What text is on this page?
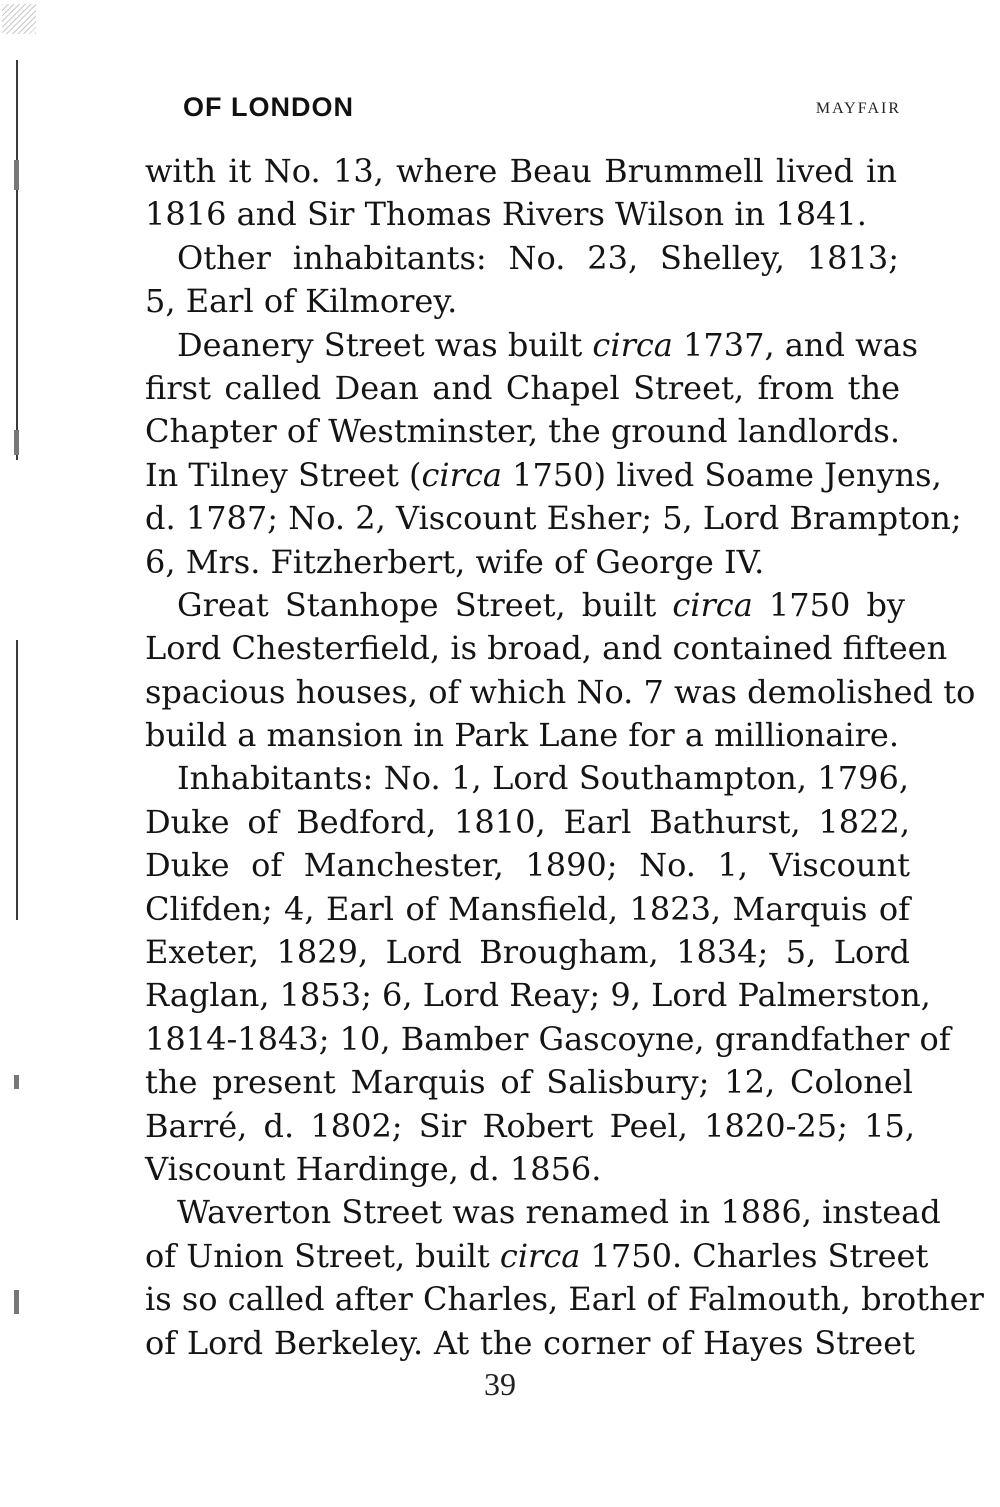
OF LONDON	MAYFAIR
with it No. 13, where Beau Brummell lived in
1816 and Sir Thomas Rivers Wilson in 1841.
Other inhabitants: No. 23, Shelley, 1813;
5, Earl of Kilmorey.
Deanery Street was built circa 1737, and was
first called Dean and Chapel Street, from the
Chapter of Westminster, the ground landlords.
In Tilney Street (circa 1750) lived Soame Jenyns,
d. 1787; No. 2, Viscount Esher; 5, Lord Brampton;
6, Mrs. Fitzherbert, wife of George IV.
Great Stanhope Street, built circa 1750 by
Lord Chesterfield, is broad, and contained fifteen
spacious houses, of which No. 7 was demolished to
build a mansion in Park Lane for a millionaire.
Inhabitants: No. 1, Lord Southampton, 1796,
Duke of Bedford, 1810, Earl Bathurst, 1822,
Duke of Manchester, 1890; No. 1, Viscount
Clifden; 4, Earl of Mansfield, 1823, Marquis of
Exeter, 1829, Lord Brougham, 1834; 5, Lord
Raglan, 1853; 6, Lord Reay; 9, Lord Palmerston,
1814-1843; 10, Bamber Gascoyne, grandfather of
the present Marquis of Salisbury; 12, Colonel
Barré, d. 1802; Sir Robert Peel, 1820-25; 15,
Viscount Hardinge, d. 1856.
Waverton Street was renamed in 1886, instead
of Union Street, built circa 1750. Charles Street
is so called after Charles, Earl of Falmouth, brother
of Lord Berkeley. At the corner of Hayes Street
39
